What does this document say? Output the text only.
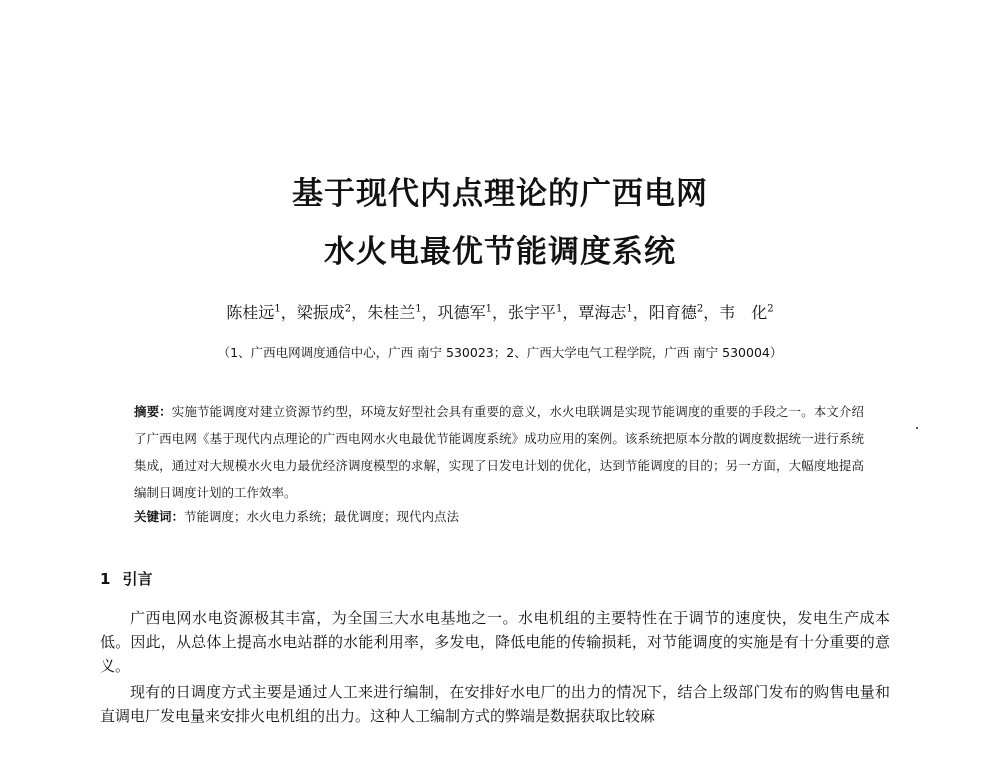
基于现代内点理论的广西电网
水火电最优节能调度系统
陈桂远$^1$，梁振成$^2$，朱桂兰$^1$，巩德军$^1$，张宇平$^1$，覃海志$^1$，阳育德$^2$，韦　化$^2$
（1、广西电网调度通信中心，广西 南宁 530023；2、广西大学电气工程学院，广西 南宁 530004）
摘要：实施节能调度对建立资源节约型，环境友好型社会具有重要的意义，水火电联调是实现节能调度的重要的手段之一。本文介绍了广西电网《基于现代内点理论的广西电网水火电最优节能调度系统》成功应用的案例。该系统把原本分散的调度数据统一进行系统集成，通过对大规模水火电力最优经济调度模型的求解，实现了日发电计划的优化，达到节能调度的目的；另一方面，大幅度地提高编制日调度计划的工作效率。
关键词：节能调度；水火电力系统；最优调度；现代内点法
1 引言

广西电网水电资源极其丰富，为全国三大水电基地之一。水电机组的主要特性在于调节的速度快，发电生产成本低。因此，从总体上提高水电站群的水能利用率，多发电，降低电能的传输损耗，对节能调度的实施是有十分重要的意义。

现有的日调度方式主要是通过人工来进行编制，在安排好水电厂的出力的情况下，结合上级部门发布的购售电量和直调电厂发电量来安排火电机组的出力。这种人工编制方式的弊端是数据获取比较麻
